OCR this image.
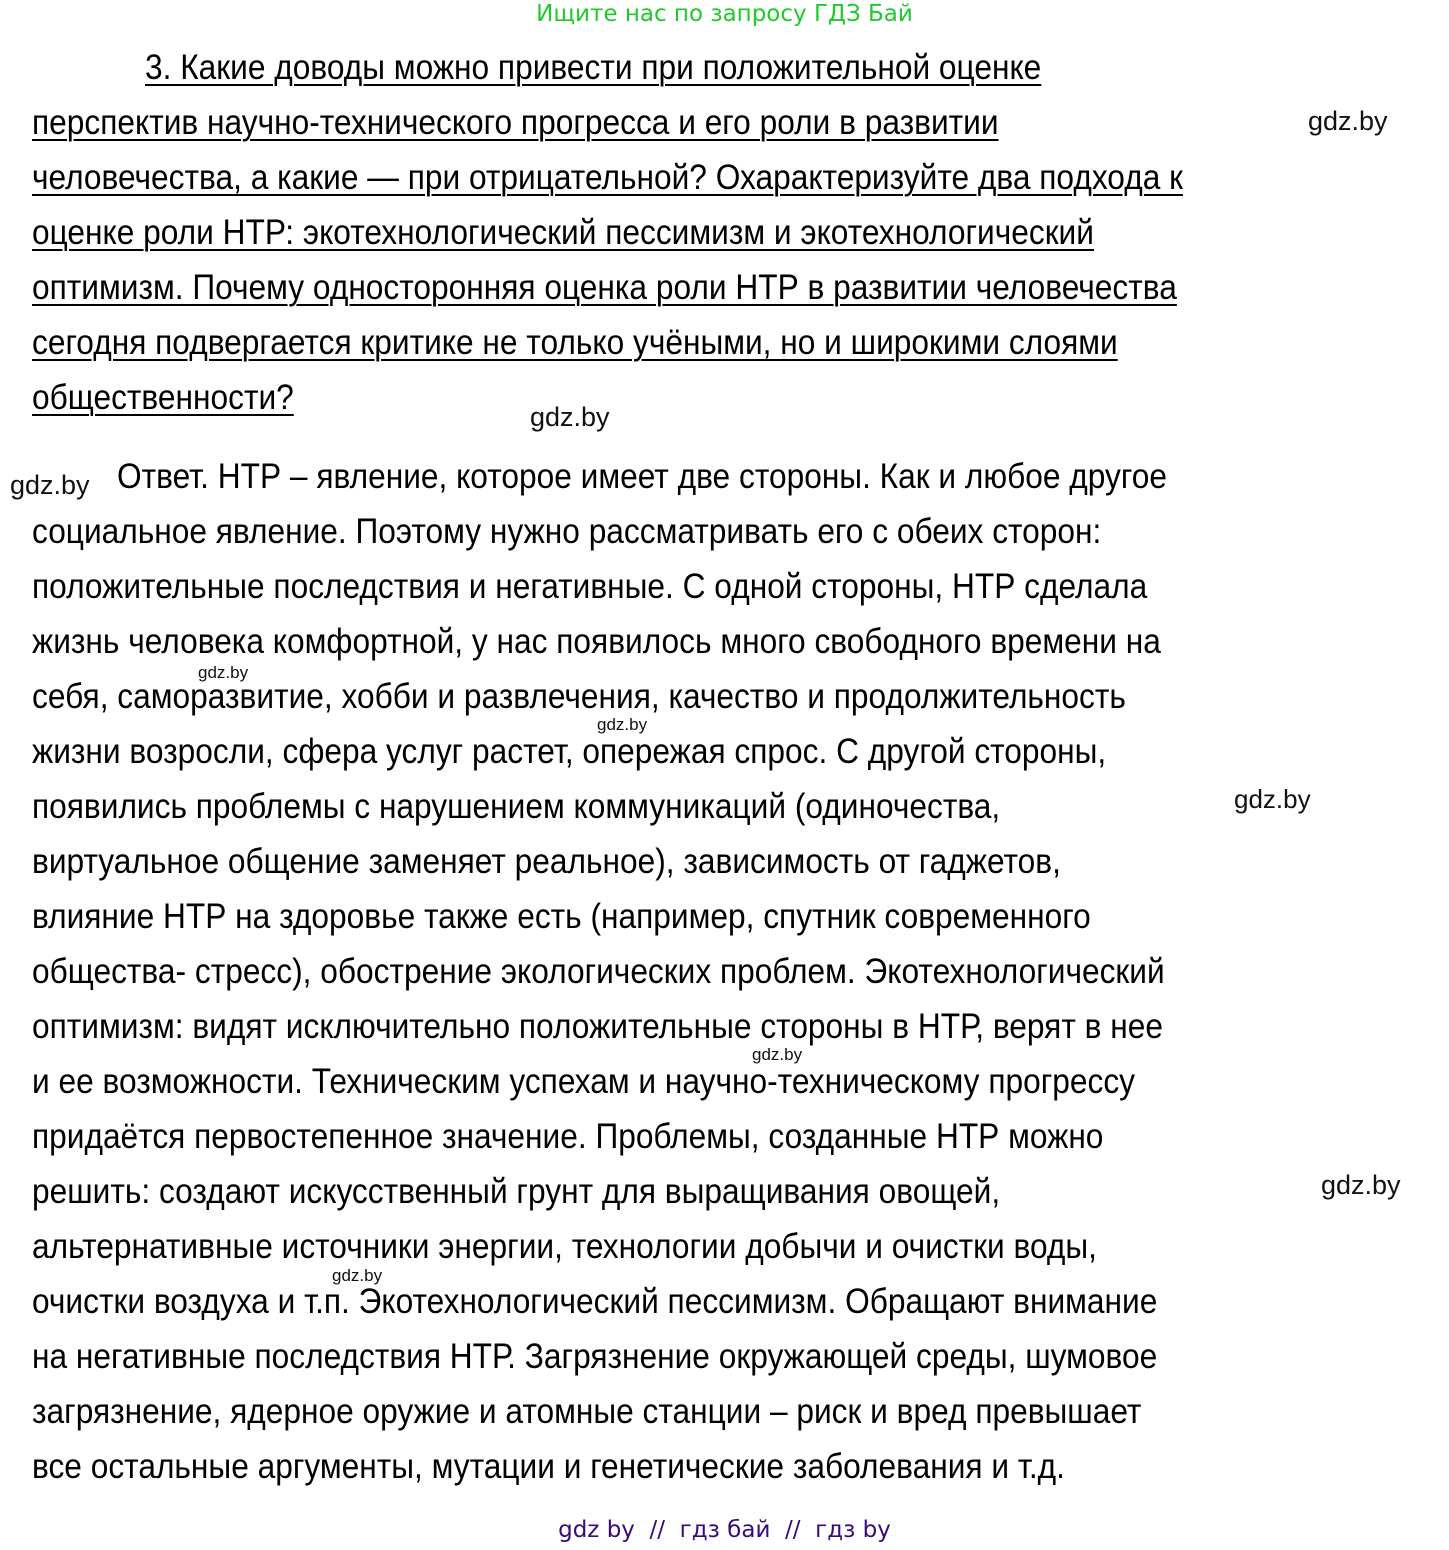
Ищите нас по запросу ГДЗ Бай
3. Какие доводы можно привести при положительной оценке
перспектив научно-технического прогресса и его роли в развитии
человечества, а какие — при отрицательной? Охарактеризуйте два подхода к
оценке роли НТР: экотехнологический пессимизм и экотехнологический
оптимизм. Почему односторонняя оценка роли НТР в развитии человечества
сегодня подвергается критике не только учёными, но и широкими слоями
общественности?
Ответ. НТР – явление, которое имеет две стороны. Как и любое другое
социальное явление. Поэтому нужно рассматривать его с обеих сторон:
положительные последствия и негативные. С одной стороны, НТР сделала
жизнь человека комфортной, у нас появилось много свободного времени на
себя, саморазвитие, хобби и развлечения, качество и продолжительность
жизни возросли, сфера услуг растет, опережая спрос. С другой стороны,
появились проблемы с нарушением коммуникаций (одиночества,
виртуальное общение заменяет реальное), зависимость от гаджетов,
влияние НТР на здоровье также есть (например, спутник современного
общества- стресс), обострение экологических проблем. Экотехнологический
оптимизм: видят исключительно положительные стороны в НТР, верят в нее
и ее возможности. Техническим успехам и научно-техническому прогрессу
придаётся первостепенное значение. Проблемы, созданные НТР можно
решить: создают искусственный грунт для выращивания овощей,
альтернативные источники энергии, технологии добычи и очистки воды,
очистки воздуха и т.п. Экотехнологический пессимизм. Обращают внимание
на негативные последствия НТР. Загрязнение окружающей среды, шумовое
загрязнение, ядерное оружие и атомные станции – риск и вред превышает
все остальные аргументы, мутации и генетические заболевания и т.д.
gdz.by
gdz.by
gdz.by
gdz.by
gdz.by
gdz.by
gdz.by
gdz.by
gdz.by
gdz by  //  гдз бай  //  гдз by
